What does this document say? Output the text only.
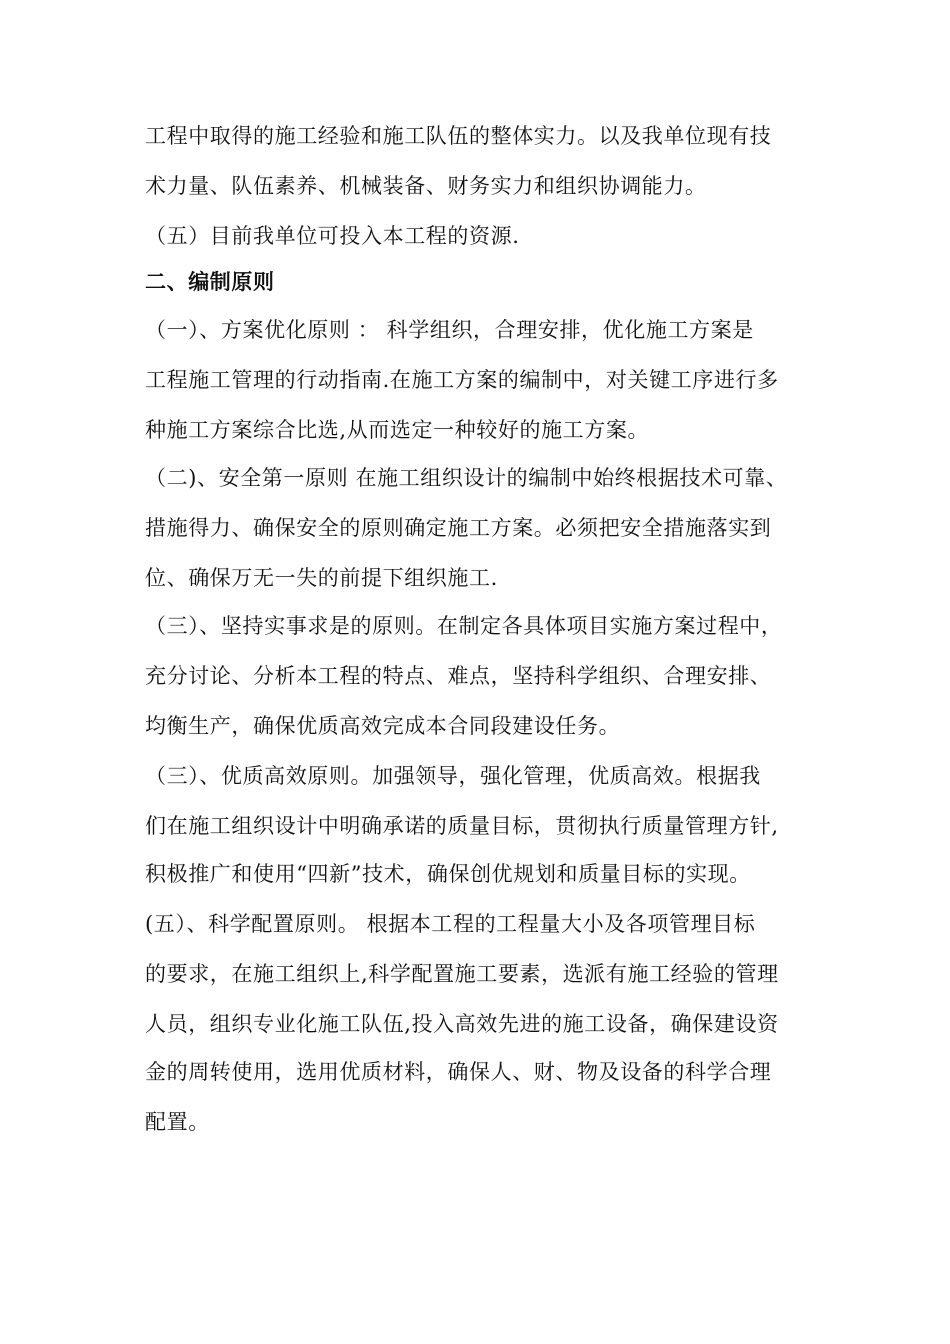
工程中取得的施工经验和施工队伍的整体实力。以及我单位现有技
术力量、队伍素养、机械装备、财务实力和组织协调能力。
（五）目前我单位可投入本工程的资源.
二、编制原则
（一）、方案优化原则 ： 科学组织，合理安排，优化施工方案是
工程施工管理的行动指南.在施工方案的编制中，对关键工序进行多
种施工方案综合比选,从而选定一种较好的施工方案。
（二)、安全第一原则 在施工组织设计的编制中始终根据技术可靠、
措施得力、确保安全的原则确定施工方案。必须把安全措施落实到
位、确保万无一失的前提下组织施工.
（三）、坚持实事求是的原则。在制定各具体项目实施方案过程中，
充分讨论、分析本工程的特点、难点，坚持科学组织、合理安排、
均衡生产，确保优质高效完成本合同段建设任务。
（三）、优质高效原则。加强领导，强化管理，优质高效。根据我
们在施工组织设计中明确承诺的质量目标，贯彻执行质量管理方针,
积极推广和使用“四新”技术，确保创优规划和质量目标的实现。
(五）、科学配置原则。 根据本工程的工程量大小及各项管理目标
的要求，在施工组织上,科学配置施工要素，选派有施工经验的管理
人员，组织专业化施工队伍,投入高效先进的施工设备，确保建设资
金的周转使用，选用优质材料，确保人、财、物及设备的科学合理
配置。
